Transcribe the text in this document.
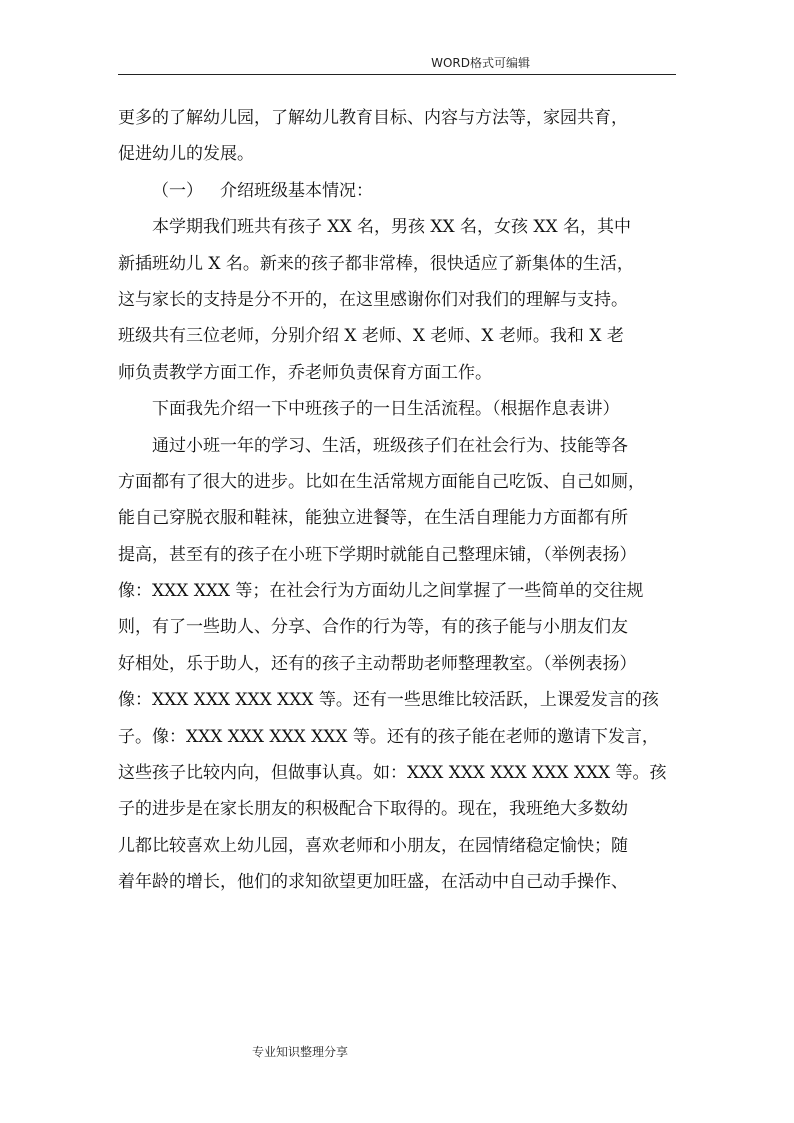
WORD格式可编辑
更多的了解幼儿园，了解幼儿教育目标、内容与方法等，家园共育，
促进幼儿的发展。
（一） 介绍班级基本情况：
本学期我们班共有孩子 XX 名，男孩 XX 名，女孩 XX 名，其中
新插班幼儿 X 名。新来的孩子都非常棒，很快适应了新集体的生活，
这与家长的支持是分不开的，在这里感谢你们对我们的理解与支持。
班级共有三位老师，分别介绍 X 老师、X 老师、X 老师。我和 X 老
师负责教学方面工作，乔老师负责保育方面工作。
下面我先介绍一下中班孩子的一日生活流程。（根据作息表讲）
通过小班一年的学习、生活，班级孩子们在社会行为、技能等各
方面都有了很大的进步。比如在生活常规方面能自己吃饭、自己如厕，
能自己穿脱衣服和鞋袜，能独立进餐等，在生活自理能力方面都有所
提高，甚至有的孩子在小班下学期时就能自己整理床铺，（举例表扬）
像：XXX XXX 等；在社会行为方面幼儿之间掌握了一些简单的交往规
则，有了一些助人、分享、合作的行为等，有的孩子能与小朋友们友
好相处，乐于助人，还有的孩子主动帮助老师整理教室。（举例表扬）
像：XXX XXX XXX XXX 等。还有一些思维比较活跃，上课爱发言的孩
子。像：XXX XXX XXX XXX 等。还有的孩子能在老师的邀请下发言，
这些孩子比较内向，但做事认真。如：XXX XXX XXX XXX XXX 等。孩
子的进步是在家长朋友的积极配合下取得的。现在，我班绝大多数幼
儿都比较喜欢上幼儿园，喜欢老师和小朋友，在园情绪稳定愉快；随
着年龄的增长，他们的求知欲望更加旺盛，在活动中自己动手操作、
专业知识整理分享
